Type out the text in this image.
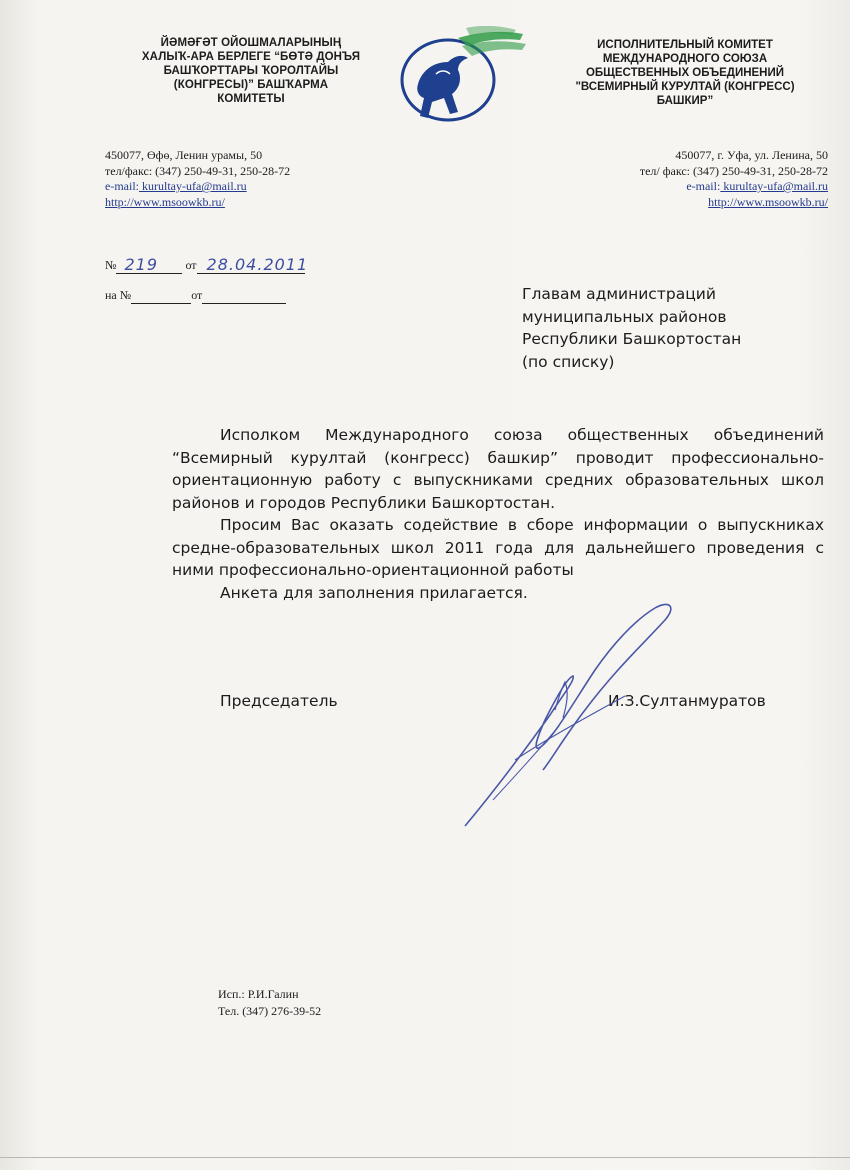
ЙӘМӘҒӘТ ОЙОШМАЛАРЫНЫҢ
ХАЛЫҠ-АРА БЕРЛЕГЕ “БӨТӘ ДОНЪЯ
БАШҠОРТТАРЫ ҠОРОЛТАЙЫ
(КОНГРЕСЫ)” БАШҠАРМА
КОМИТЕТЫ
ИСПОЛНИТЕЛЬНЫЙ КОМИТЕТ
МЕЖДУНАРОДНОГО СОЮЗА
ОБЩЕСТВЕННЫХ ОБЪЕДИНЕНИЙ
"ВСЕМИРНЫЙ КУРУЛТАЙ (КОНГРЕСС)
БАШКИР”
450077, Өфө, Ленин урамы, 50
тел/факс: (347) 250-49-31, 250-28-72
e-mail: kurultay-ufa@mail.ru
http://www.msoowkb.ru/
450077, г. Уфа, ул. Ленина, 50
тел/ факс: (347) 250-49-31, 250-28-72
e-mail: kurultay-ufa@mail.ru
http://www.msoowkb.ru/
№ 219 от 28.04.2011

на №	от	Главам администраций
муниципальных районов
Республики Башкортостан
(по списку)

Исполком Международного союза общественных объединений “Всемирный курултай (конгресс) башкир” проводит профессионально-ориентационную работу с выпускниками средних образовательных школ районов и городов Республики Башкортостан.

Просим Вас оказать содействие в сборе информации о выпускниках средне-образовательных школ 2011 года для дальнейшего проведения с ними профессионально-ориентационной работы

Анкета для заполнения прилагается.

Председатель	И.З.Султанмуратов
Исп.: Р.И.Галин
Тел. (347) 276-39-52
